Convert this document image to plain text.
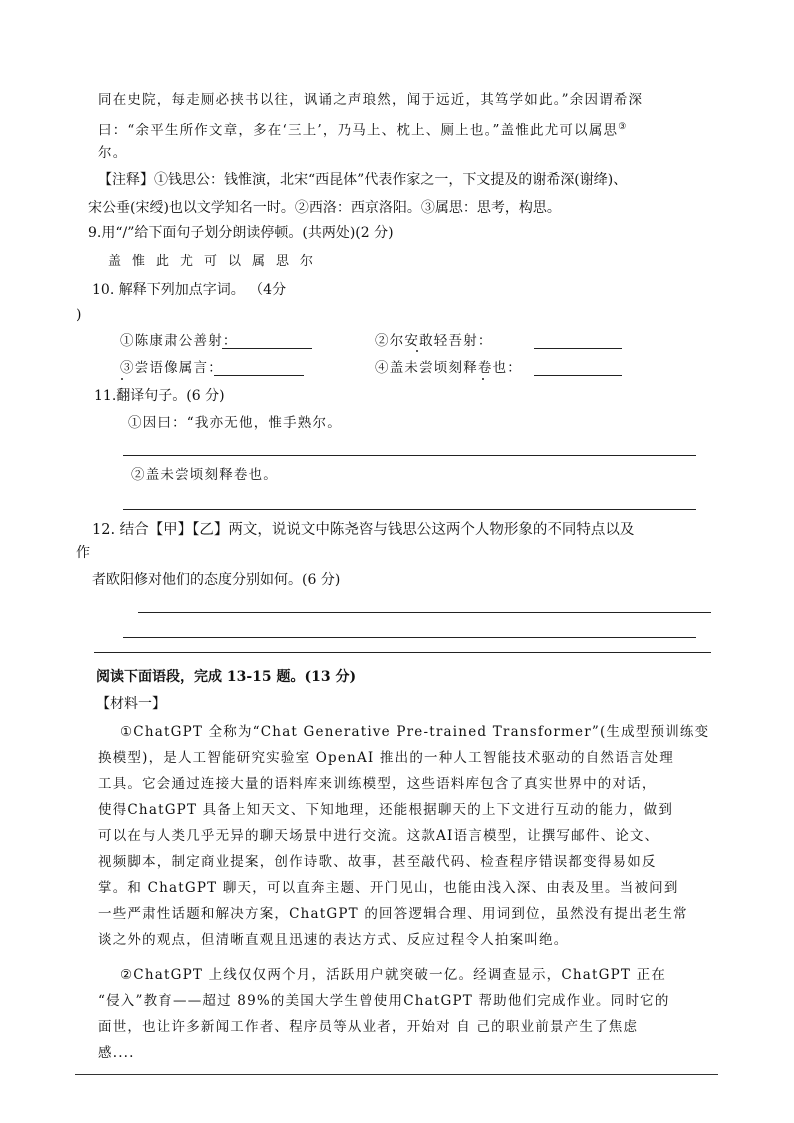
同在史院，每走厕必挟书以往，讽诵之声琅然，闻于远近，其笃学如此。”余因谓希深
曰：“余平生所作文章，多在‘三上’，乃马上、枕上、厕上也。”盖惟此尤可以属思③
尔。
【注释】①钱思公：钱惟演，北宋“西昆体”代表作家之一，下文提及的谢希深(谢绛)、
宋公垂(宋绶)也以文学知名一时。②西洛：西京洛阳。③属思：思考，构思。
9.用“/”给下面句子划分朗读停顿。(共两处)(2 分)
盖惟此尤可以属思尔
10. 解释下列加点字词。 （4分
)
①陈康肃公善射：	②尔安敢轻吾射：
③尝语像属言：	④盖未尝顷刻释卷也：
11.翻译句子。(6 分)
①因曰：“我亦无他，惟手熟尔。
②盖未尝顷刻释卷也。
12. 结合【甲】【乙】两文，说说文中陈尧咨与钱思公这两个人物形象的不同特点以及
作
者欧阳修对他们的态度分别如何。(6 分)
阅读下面语段，完成 13-15 题。(13 分)
【材料一】
①ChatGPT 全称为“Chat Generative Pre-trained Transformer”(生成型预训练变
换模型)，是人工智能研究实验室 OpenAI 推出的一种人工智能技术驱动的自然语言处理
工具。它会通过连接大量的语料库来训练模型，这些语料库包含了真实世界中的对话，
使得ChatGPT 具备上知天文、下知地理，还能根据聊天的上下文进行互动的能力，做到
可以在与人类几乎无异的聊天场景中进行交流。这款AI语言模型，让撰写邮件、论文、
视频脚本，制定商业提案，创作诗歌、故事，甚至敲代码、检查程序错误都变得易如反
掌。和 ChatGPT 聊天，可以直奔主题、开门见山，也能由浅入深、由表及里。当被问到
一些严肃性话题和解决方案，ChatGPT 的回答逻辑合理、用词到位，虽然没有提出老生常
谈之外的观点，但清晰直观且迅速的表达方式、反应过程令人拍案叫绝。
②ChatGPT 上线仅仅两个月，活跃用户就突破一亿。经调查显示，ChatGPT 正在
“侵入”教育——超过 89%的美国大学生曾使用ChatGPT 帮助他们完成作业。同时它的
面世，也让许多新闻工作者、程序员等从业者，开始对 自 己的职业前景产生了焦虑
感....
